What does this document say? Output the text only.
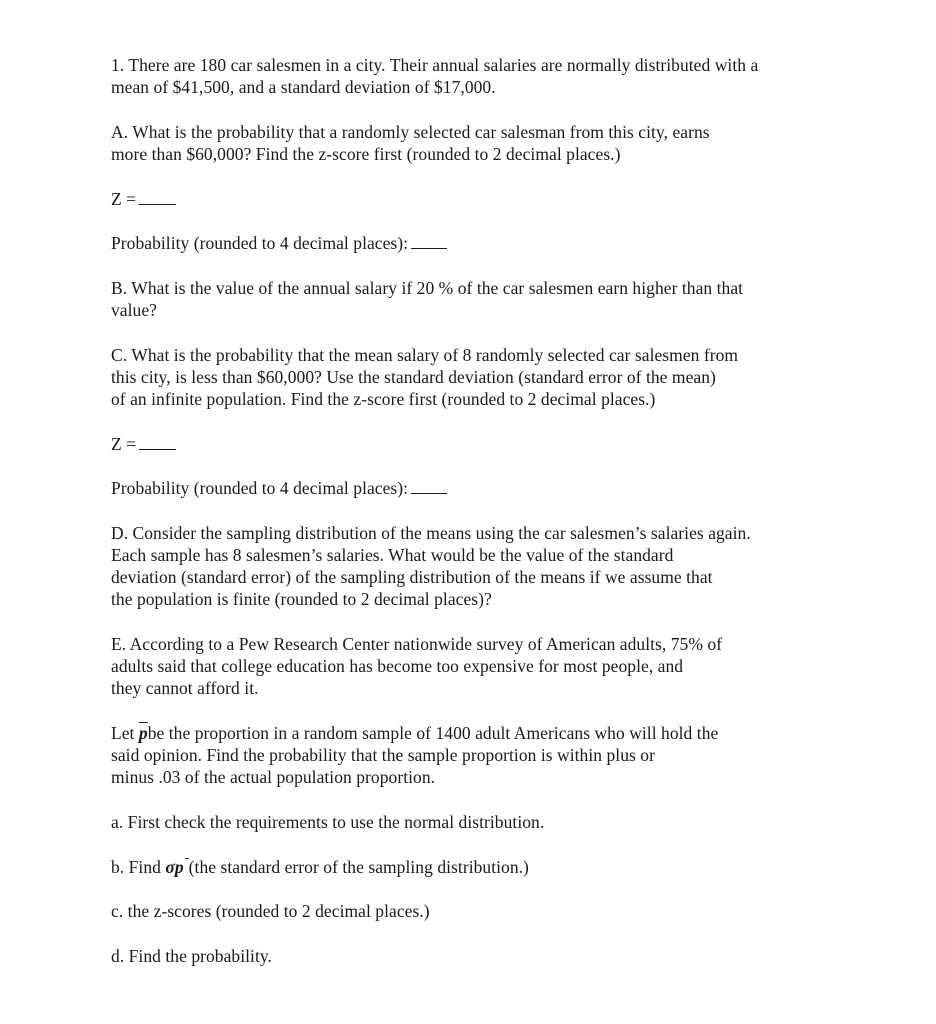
1. There are 180 car salesmen in a city. Their annual salaries are normally distributed with a
mean of $41,500, and a standard deviation of $17,000.
A. What is the probability that a randomly selected car salesman from this city, earns
more than $60,000? Find the z-score first (rounded to 2 decimal places.)
Z =
Probability (rounded to 4 decimal places):
B. What is the value of the annual salary if 20 % of the car salesmen earn higher than that
value?
C. What is the probability that the mean salary of 8 randomly selected car salesmen from
this city, is less than $60,000? Use the standard deviation (standard error of the mean)
of an infinite population. Find the z-score first (rounded to 2 decimal places.)
Z =
Probability (rounded to 4 decimal places):
D. Consider the sampling distribution of the means using the car salesmen’s salaries again.
Each sample has 8 salesmen’s salaries. What would be the value of the standard
deviation (standard error) of the sampling distribution of the means if we assume that
the population is finite (rounded to 2 decimal places)?
E. According to a Pew Research Center nationwide survey of American adults, 75% of
adults said that college education has become too expensive for most people, and
they cannot afford it.
Let $\overline{p}be$ the proportion in a random sample of 1400 adult Americans who will hold the
said opinion. Find the probability that the sample proportion is within plus or
minus .03 of the actual population proportion.
a. First check the requirements to use the normal distribution.
b. Find σp (the standard error of the sampling distribution.)
c. the z-scores (rounded to 2 decimal places.)
d. Find the probability.
